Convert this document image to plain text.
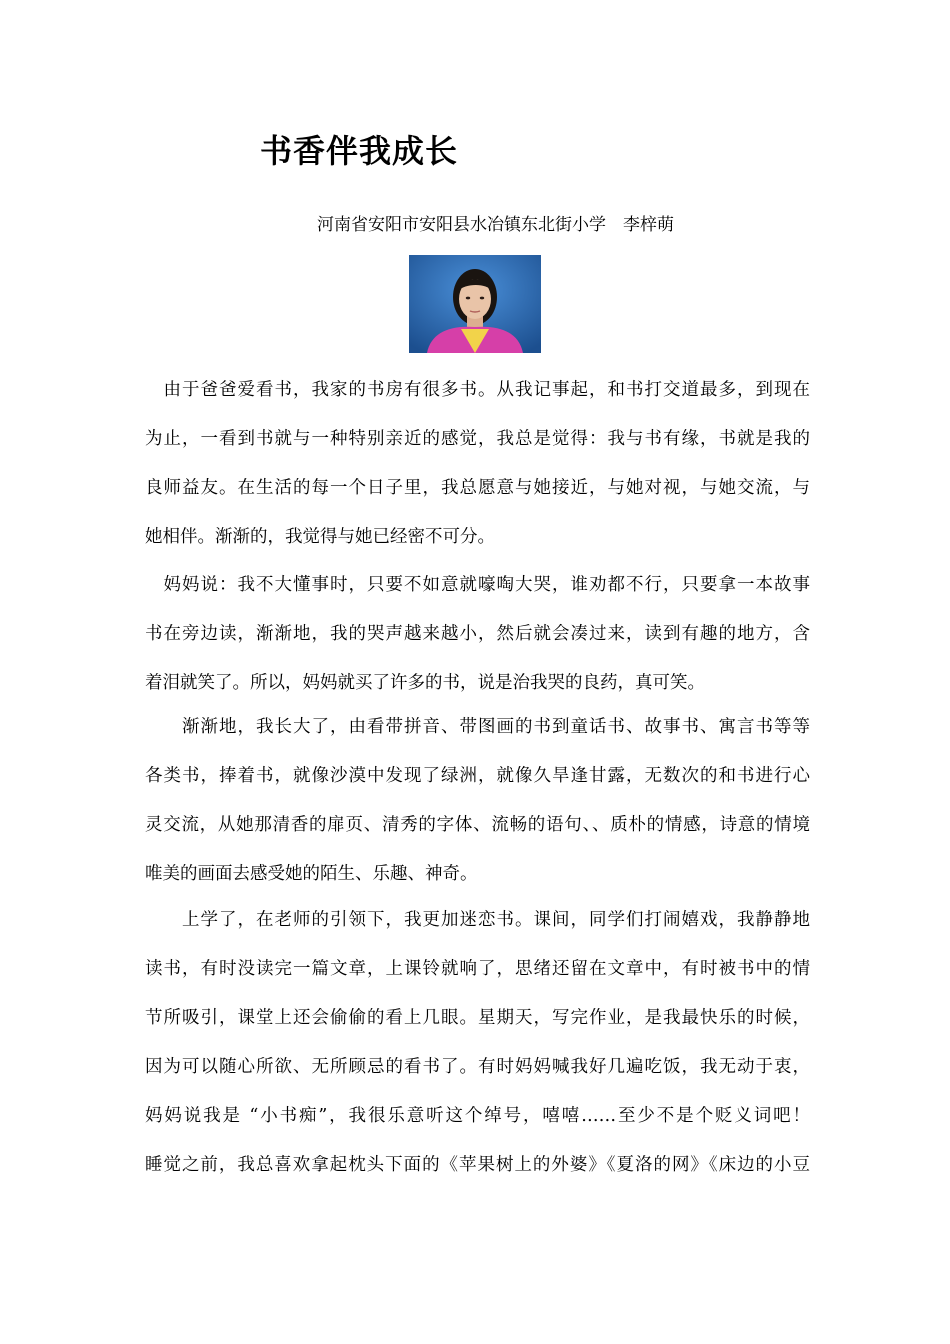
书香伴我成长
河南省安阳市安阳县水冶镇东北街小学　李梓萌
　由于爸爸爱看书，我家的书房有很多书。从我记事起，和书打交道最多，到现在
为止，一看到书就与一种特别亲近的感觉，我总是觉得：我与书有缘，书就是我的
良师益友。在生活的每一个日子里，我总愿意与她接近，与她对视，与她交流，与
她相伴。渐渐的，我觉得与她已经密不可分。
　妈妈说：我不大懂事时，只要不如意就嚎啕大哭，谁劝都不行，只要拿一本故事
书在旁边读，渐渐地，我的哭声越来越小，然后就会凑过来，读到有趣的地方，含
着泪就笑了。所以，妈妈就买了许多的书，说是治我哭的良药，真可笑。
　　渐渐地，我长大了，由看带拼音、带图画的书到童话书、故事书、寓言书等等
各类书，捧着书，就像沙漠中发现了绿洲，就像久旱逢甘露，无数次的和书进行心
灵交流，从她那清香的扉页、清秀的字体、流畅的语句、、质朴的情感，诗意的情境
唯美的画面去感受她的陌生、乐趣、神奇。
　　上学了，在老师的引领下，我更加迷恋书。课间，同学们打闹嬉戏，我静静地
读书，有时没读完一篇文章，上课铃就响了，思绪还留在文章中，有时被书中的情
节所吸引，课堂上还会偷偷的看上几眼。星期天，写完作业，是我最快乐的时候，
因为可以随心所欲、无所顾忌的看书了。有时妈妈喊我好几遍吃饭，我无动于衷，
妈妈说我是 “小书痴”，我很乐意听这个绰号，嘻嘻……至少不是个贬义词吧！
睡觉之前，我总喜欢拿起枕头下面的《苹果树上的外婆》《夏洛的网》《床边的小豆
